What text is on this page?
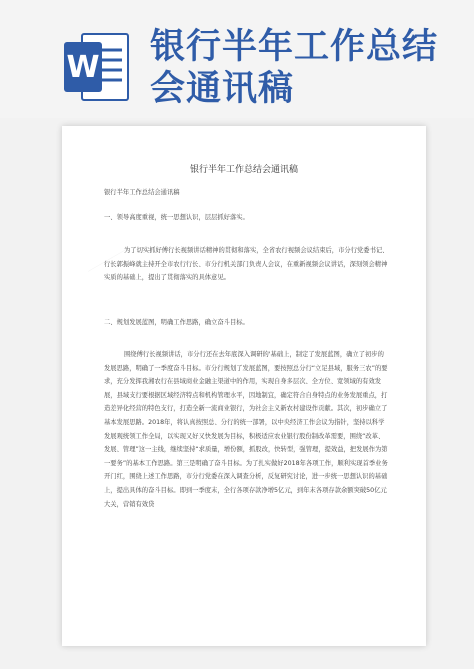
W
银行半年工作总结
会通讯稿
＿＿＿＿
＿＿＿＿
银行半年工作总结会通讯稿
银行半年工作总结会通讯稿
一、领导高度重视，统一思想认识，层层抓好落实。
为了切实抓好傅行长视频讲话精神的贯彻和落实，全省农行视频会议结束后，市分行党委书记、行长郭振峰就主持开全市农行行长、市分行机关部门负责人会议，在重新视频会议讲话，深刻领会精神实质的基础上，提出了贯彻落实的具体意见。
二、规划发展蓝图，明确工作思路，确立奋斗目标。
围绕傅行长视频讲话，市分行还在去年底深入调研的'基础上，制定了发展蓝图，确立了初步的发展思路，明确了一季度奋斗目标。市分行规划了发展蓝图，要按照总分行“立足县域，服务三农”的要求，充分发挥我湘农行在县域商业金融主渠道中的作用，实现自身多层次、全方位、宽领域的有效发展，县域支行要根据区域经济特点和机构管理水平，因地制宜，确定符合自身特点的业务发展重点，打造差异化经营的特色支行，打造全新一流商业银行，为社会主义新农村建设作贡献。其次，初步确立了基本发展思路。2018年，将认真按照总、分行的统一部署，以中央经济工作会议为指针，坚持以科学发展观统领工作全局，以实现又好又快发展为目标，积极适应农业银行股份制改革需要，围绕“改革、发展、管理”这一主线，继续坚持“求质量，增份额，抓股改，快转型，强管理，提效益，把发展作为第一要务”的基本工作思路。第三是明确了奋斗目标。为了扎实做好2018年各项工作，顺利实现首季业务开门红，围绕上述工作思路，市分行党委在深入调查分析，反复研究讨论，进一步统一思想认识的基础上，提出具体的奋斗目标。即到一季度末，全行各项存款净增5亿元，到年末各项存款余额突破50亿元大关，营销有效贷
